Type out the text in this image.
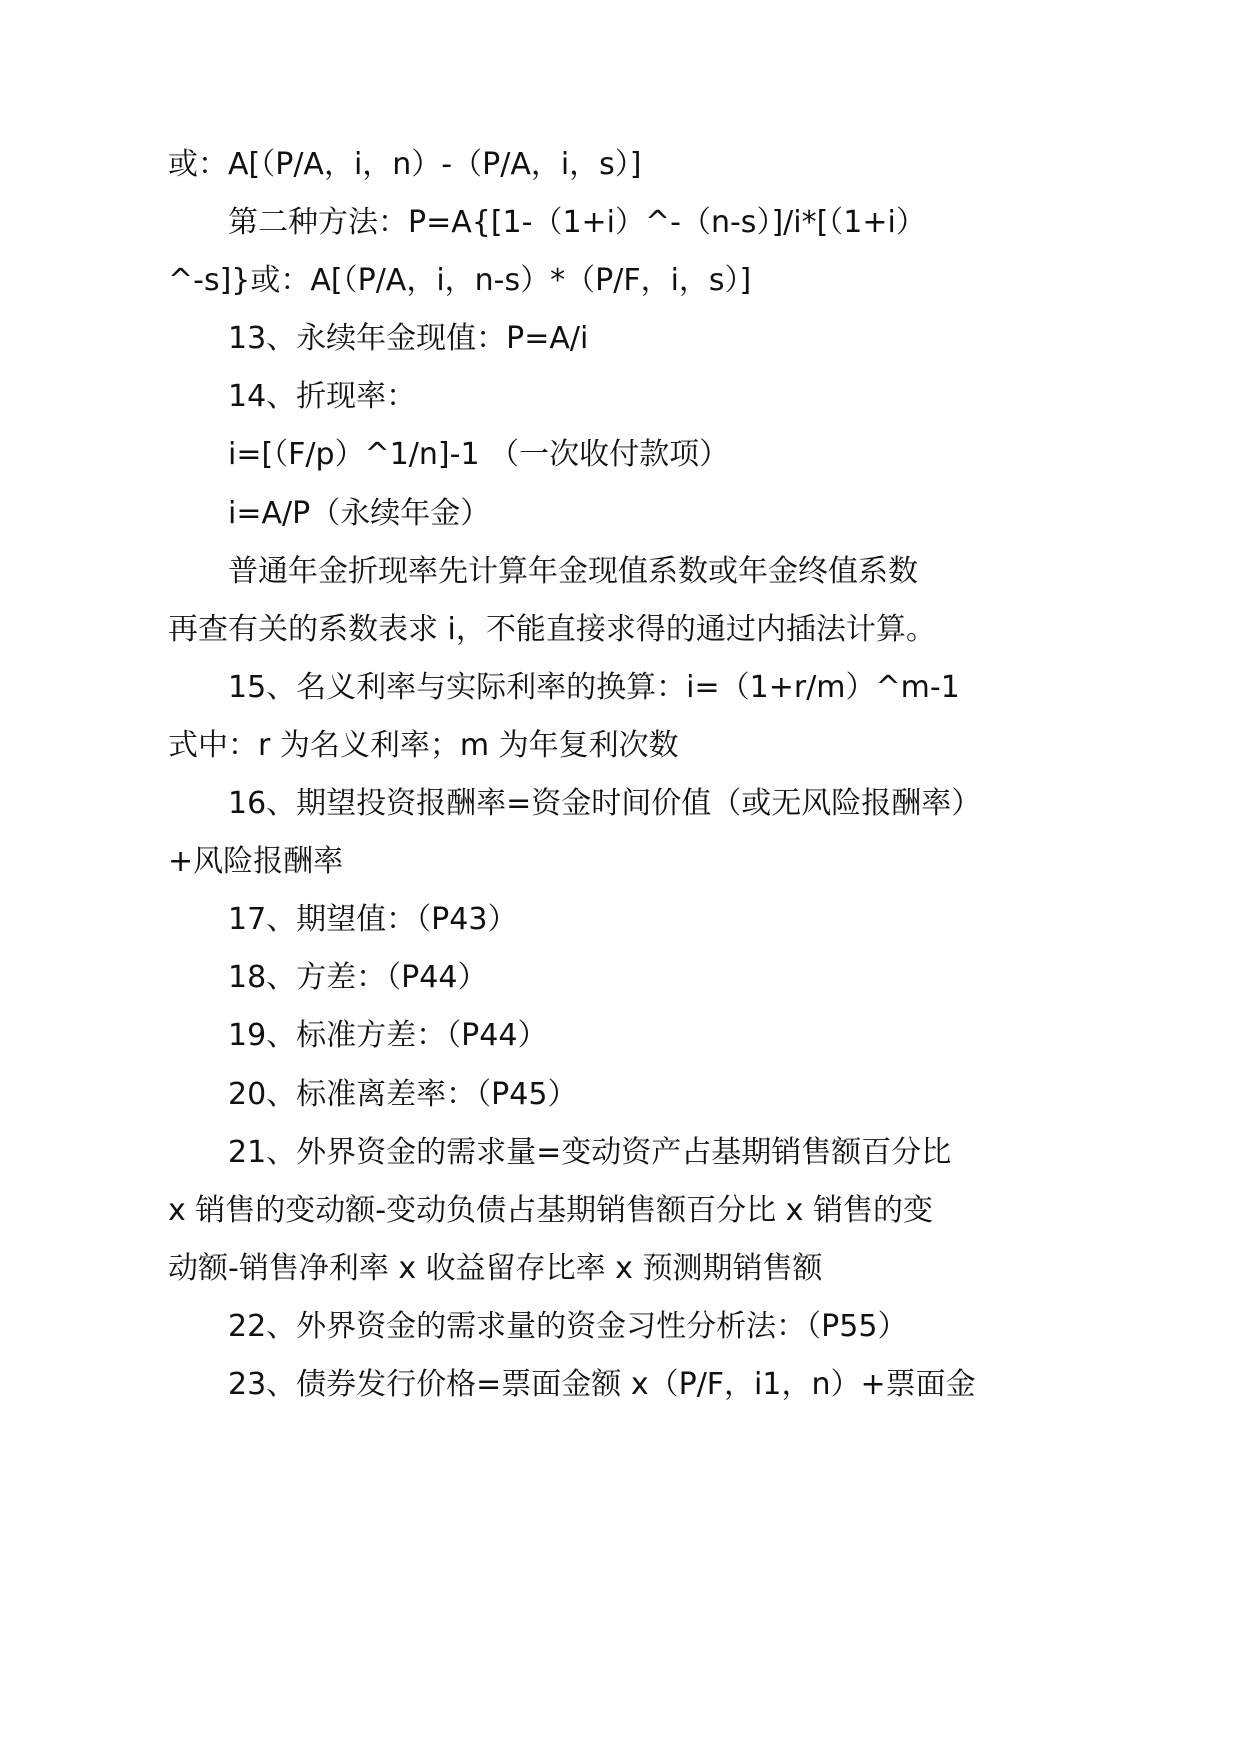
或：A[（P/A，i，n）-（P/A，i，s）]
第二种方法：P=A{[1-（1+i）^-（n-s）]/i*[（1+i）
^-s]}或：A[（P/A，i，n-s）*（P/F，i，s）]
13、永续年金现值：P=A/i
14、折现率：
i=[（F/p）^1/n]-1 （一次收付款项）
i=A/P（永续年金）
普通年金折现率先计算年金现值系数或年金终值系数
再查有关的系数表求 i，不能直接求得的通过内插法计算。
15、名义利率与实际利率的换算：i=（1+r/m）^m-1
式中：r 为名义利率；m 为年复利次数
16、期望投资报酬率=资金时间价值（或无风险报酬率）
+风险报酬率
17、期望值：（P43）
18、方差：（P44）
19、标准方差：（P44）
20、标准离差率：（P45）
21、外界资金的需求量=变动资产占基期销售额百分比
x 销售的变动额-变动负债占基期销售额百分比 x 销售的变
动额-销售净利率 x 收益留存比率 x 预测期销售额
22、外界资金的需求量的资金习性分析法：（P55）
23、债券发行价格=票面金额 x（P/F，i1，n）+票面金
